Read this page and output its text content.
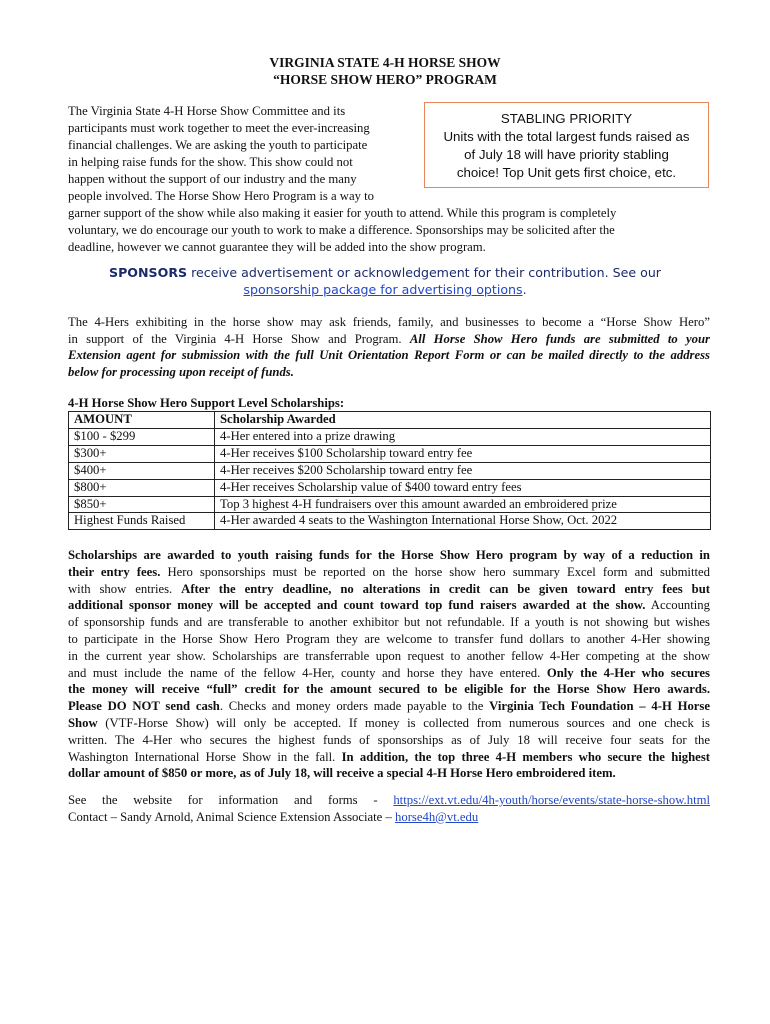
VIRGINIA STATE 4-H HORSE SHOW
“HORSE SHOW HERO” PROGRAM
The Virginia State 4-H Horse Show Committee and its
participants must work together to meet the ever-increasing
financial challenges. We are asking the youth to participate
in helping raise funds for the show. This show could not
happen without the support of our industry and the many
people involved. The Horse Show Hero Program is a way to
garner support of the show while also making it easier for youth to attend. While this program is completely
voluntary, we do encourage our youth to work to make a difference. Sponsorships may be solicited after the
deadline, however we cannot guarantee they will be added into the show program.
STABLING PRIORITY
Units with the total largest funds raised as
of July 18 will have priority stabling
choice! Top Unit gets first choice, etc.
SPONSORS receive advertisement or acknowledgement for their contribution. See our
sponsorship package for advertising options.
The 4-Hers exhibiting in the horse show may ask friends, family, and businesses to become a “Horse Show Hero”
in support of the Virginia 4-H Horse Show and Program. All Horse Show Hero funds are submitted to your
Extension agent for submission with the full Unit Orientation Report Form or can be mailed directly to the address
below for processing upon receipt of funds.
4-H Horse Show Hero Support Level Scholarships:
AMOUNT	Scholarship Awarded
$100 - $299	4-Her entered into a prize drawing
$300+	4-Her receives $100 Scholarship toward entry fee
$400+	4-Her receives $200 Scholarship toward entry fee
$800+	4-Her receives Scholarship value of $400 toward entry fees
$850+	Top 3 highest 4-H fundraisers over this amount awarded an embroidered prize
Highest Funds Raised	4-Her awarded 4 seats to the Washington International Horse Show, Oct. 2022
Scholarships are awarded to youth raising funds for the Horse Show Hero program by way of a reduction in
their entry fees. Hero sponsorships must be reported on the horse show hero summary Excel form and submitted
with show entries. After the entry deadline, no alterations in credit can be given toward entry fees but
additional sponsor money will be accepted and count toward top fund raisers awarded at the show. Accounting
of sponsorship funds and are transferable to another exhibitor but not refundable. If a youth is not showing but wishes
to participate in the Horse Show Hero Program they are welcome to transfer fund dollars to another 4-Her showing
in the current year show. Scholarships are transferrable upon request to another fellow 4-Her competing at the show
and must include the name of the fellow 4-Her, county and horse they have entered. Only the 4-Her who secures
the money will receive “full” credit for the amount secured to be eligible for the Horse Show Hero awards.
Please DO NOT send cash. Checks and money orders made payable to the Virginia Tech Foundation – 4-H Horse
Show (VTF-Horse Show) will only be accepted. If money is collected from numerous sources and one check is
written. The 4-Her who secures the highest funds of sponsorships as of July 18 will receive four seats for the
Washington International Horse Show in the fall. In addition, the top three 4-H members who secure the highest
dollar amount of $850 or more, as of July 18, will receive a special 4-H Horse Hero embroidered item.
See the website for information and forms - https://ext.vt.edu/4h-youth/horse/events/state-horse-show.html
Contact – Sandy Arnold, Animal Science Extension Associate – horse4h@vt.edu
